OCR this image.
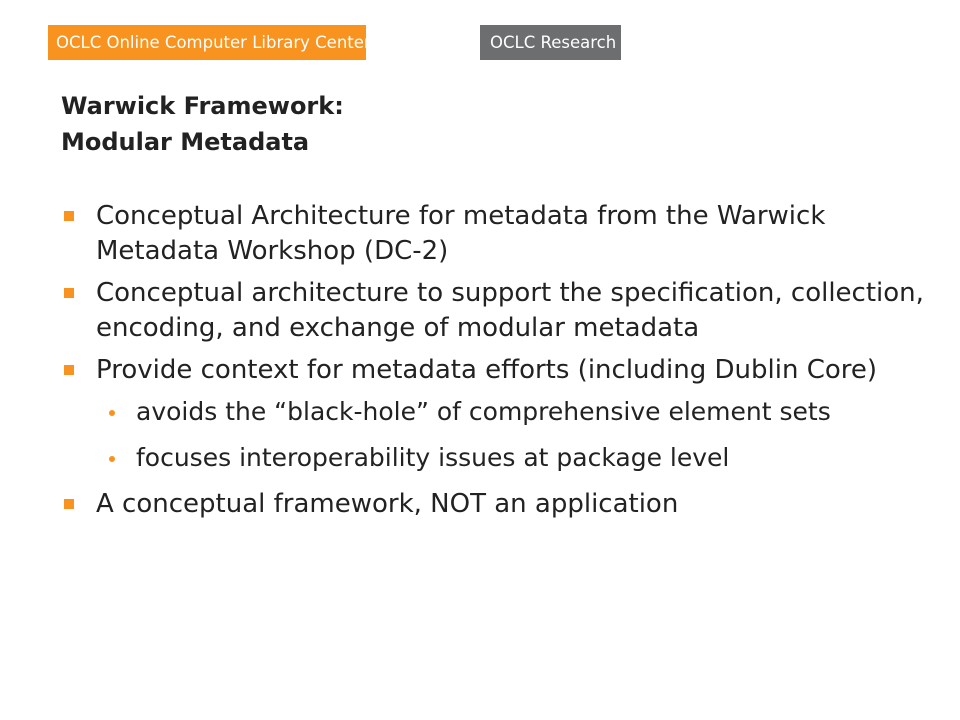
OCLC Online Computer Library Center	OCLC Research
Warwick Framework:
Modular Metadata
Conceptual Architecture for metadata from the Warwick Metadata Workshop (DC-2)
Conceptual architecture to support the specification, collection, encoding, and exchange of modular metadata
Provide context for metadata efforts (including Dublin Core)
avoids the “black-hole” of comprehensive element sets
focuses interoperability issues at package level
A conceptual framework, NOT an application
